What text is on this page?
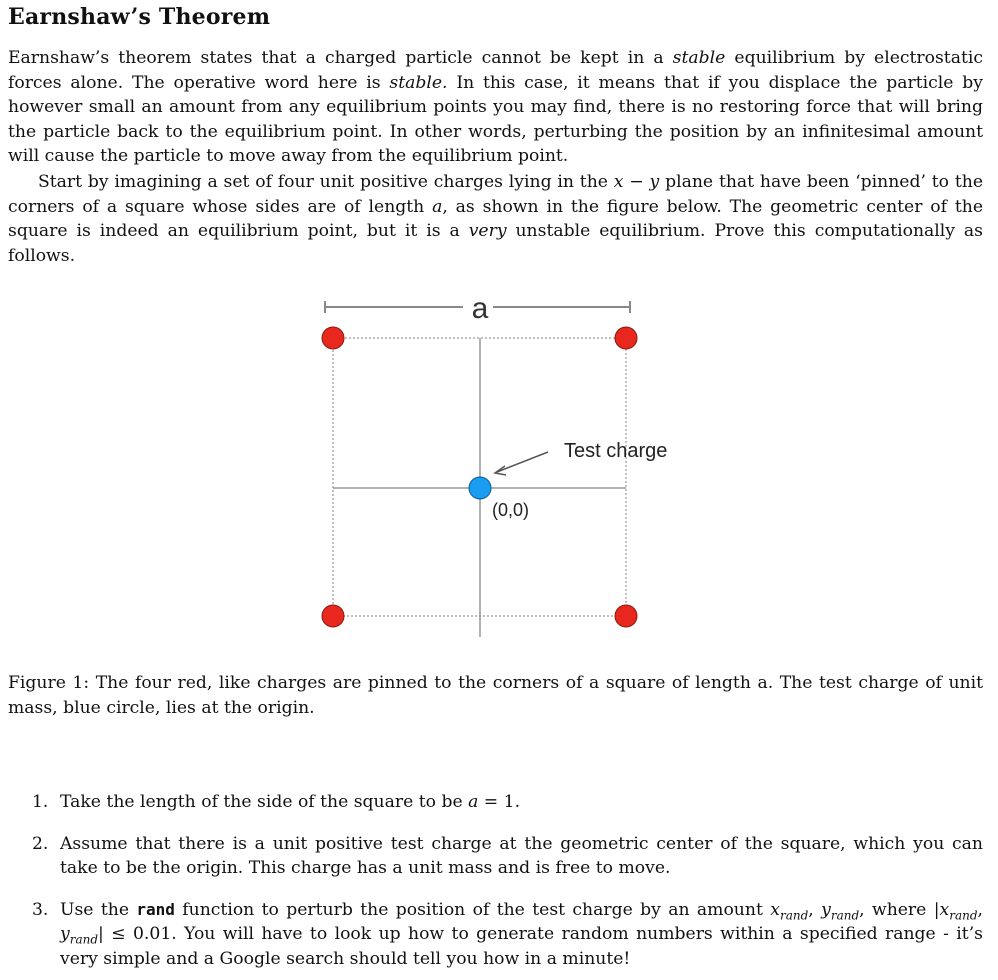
Earnshaw’s Theorem

Earnshaw’s theorem states that a charged particle cannot be kept in a stable equilibrium by electrostatic forces alone. The operative word here is stable. In this case, it means that if you displace the particle by however small an amount from any equilibrium points you may find, there is no restoring force that will bring the particle back to the equilibrium point. In other words, perturbing the position by an infinitesimal amount will cause the particle to move away from the equilibrium point.

Start by imagining a set of four unit positive charges lying in the x − y plane that have been ‘pinned’ to the corners of a square whose sides are of length a, as shown in the figure below. The geometric center of the square is indeed an equilibrium point, but it is a very unstable equilibrium. Prove this computationally as follows.

a
Test charge
(0,0)

Figure 1: The four red, like charges are pinned to the corners of a square of length a. The test charge of unit mass, blue circle, lies at the origin.

1. Take the length of the side of the square to be a = 1.
2. Assume that there is a unit positive test charge at the geometric center of the square, which you can take to be the origin. This charge has a unit mass and is free to move.
3. Use the rand function to perturb the position of the test charge by an amount $x_{rand}$, $y_{rand}$, where $|x_{rand}$, $y_{rand}| \le 0.01$. You will have to look up how to generate random numbers within a specified range - it’s very simple and a Google search should tell you how in a minute!
